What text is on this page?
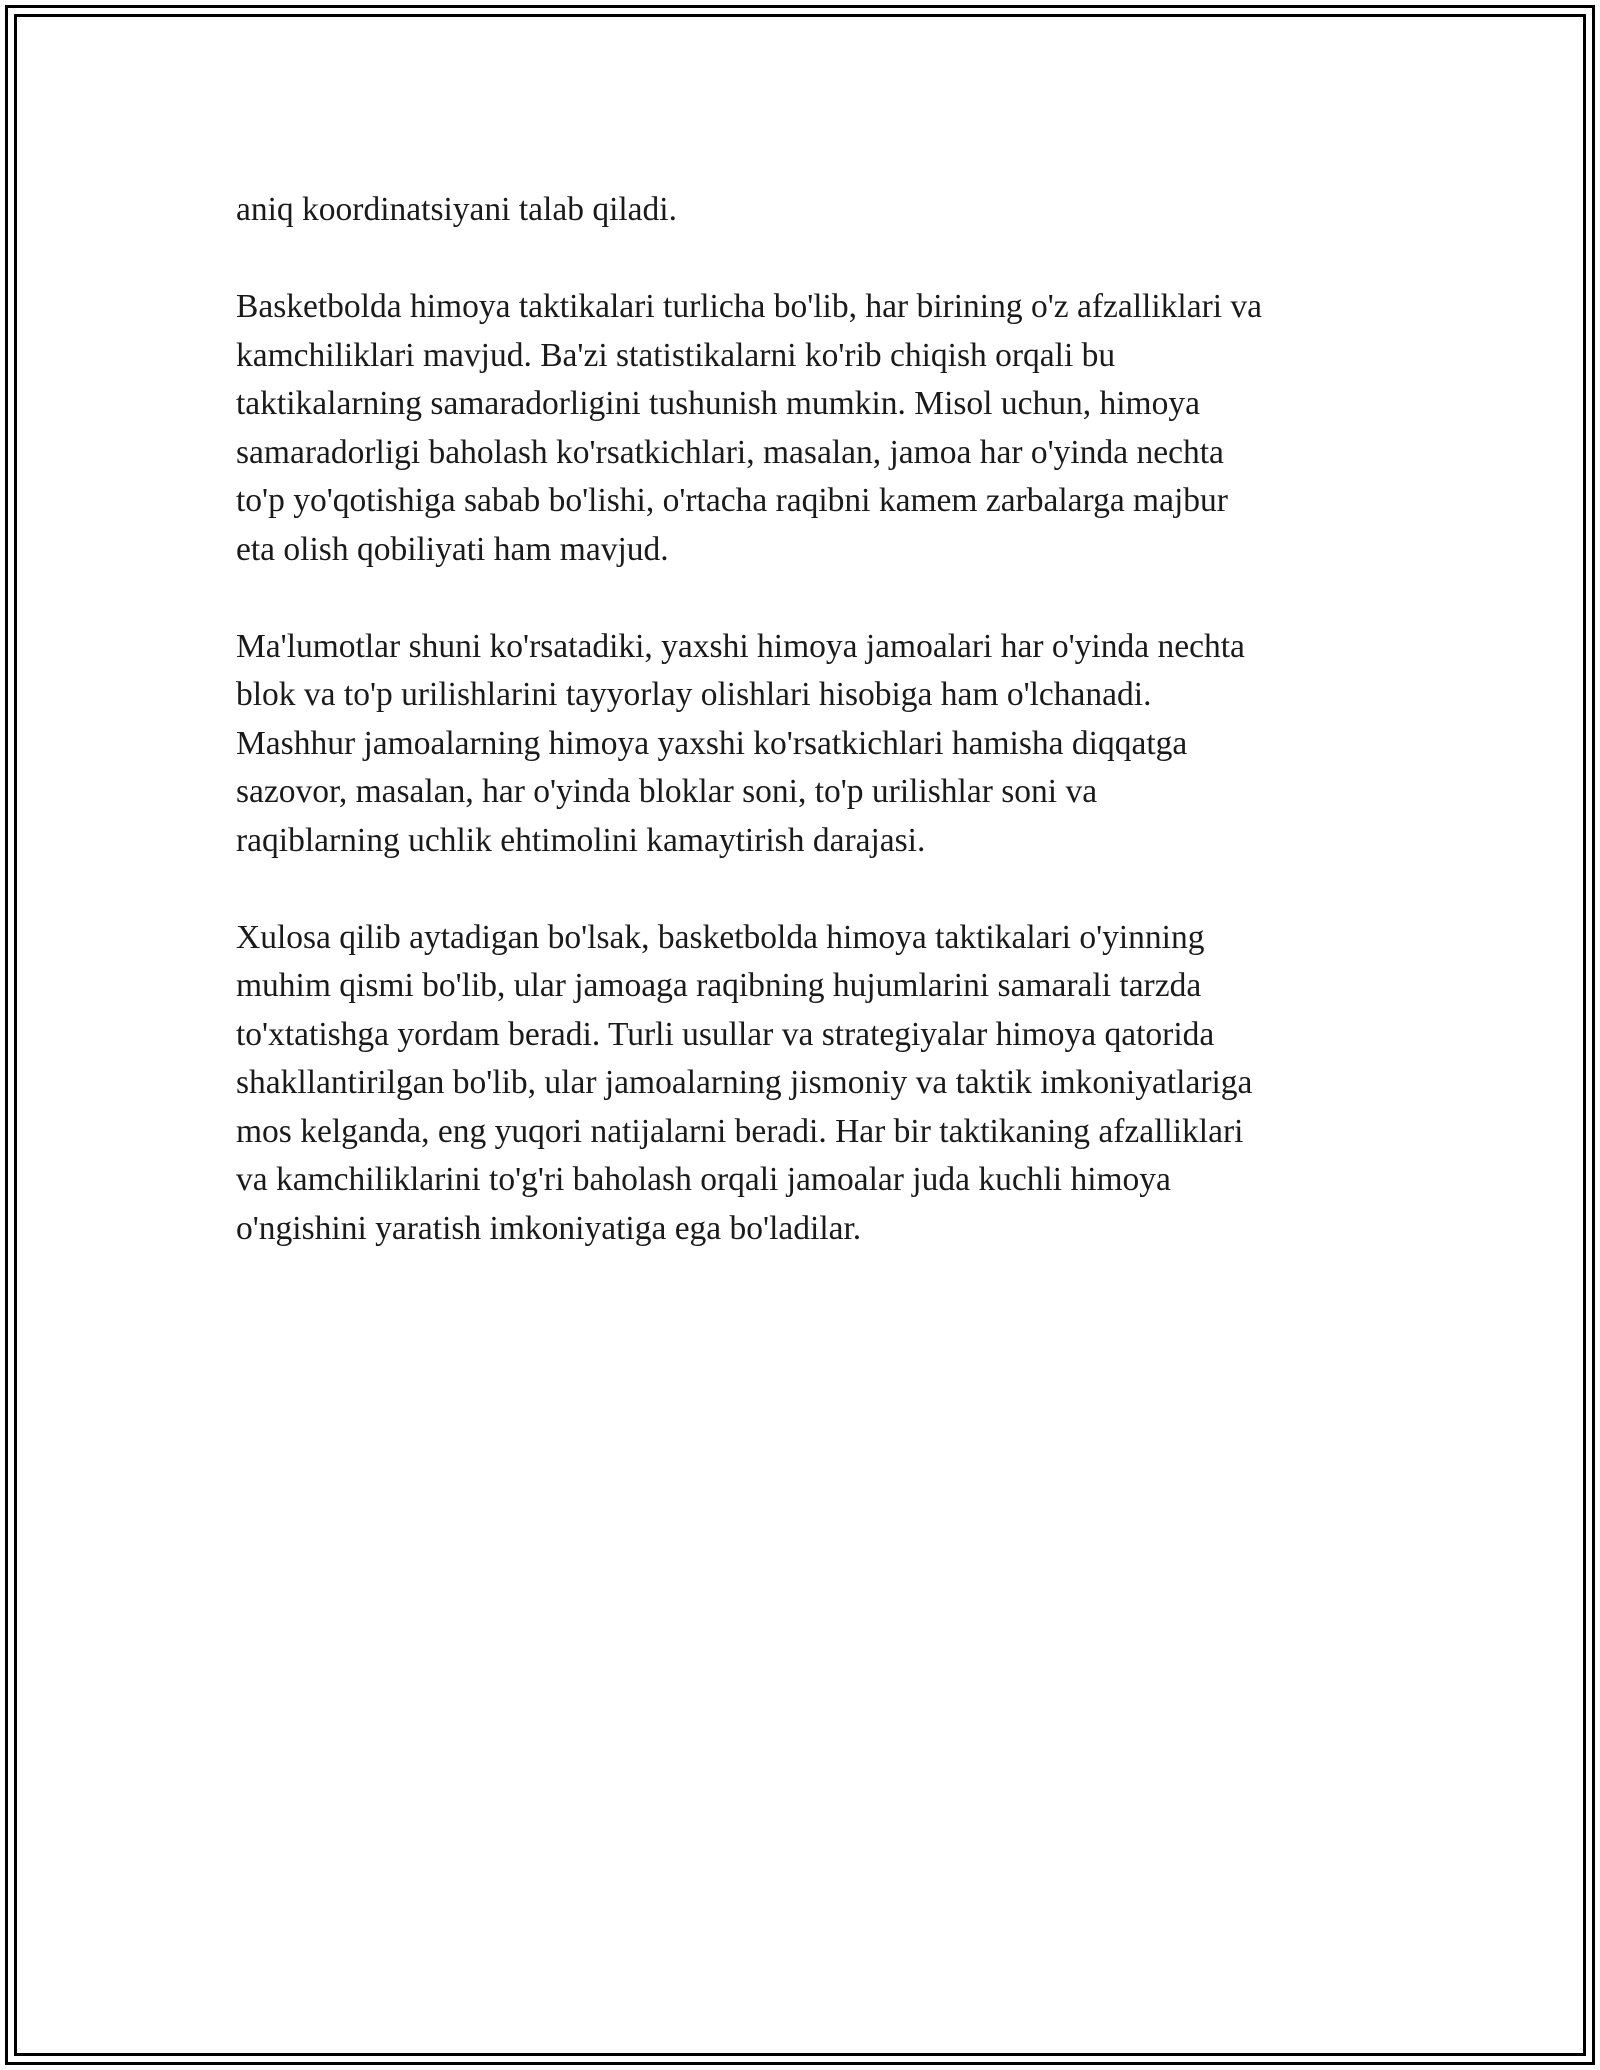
aniq koordinatsiyani talab qiladi.

Basketbolda himoya taktikalari turlicha bo'lib, har birining o'z afzalliklari va
kamchiliklari mavjud. Ba'zi statistikalarni ko'rib chiqish orqali bu
taktikalarning samaradorligini tushunish mumkin. Misol uchun, himoya
samaradorligi baholash ko'rsatkichlari, masalan, jamoa har o'yinda nechta
to'p yo'qotishiga sabab bo'lishi, o'rtacha raqibni kamem zarbalarga majbur
eta olish qobiliyati ham mavjud.

Ma'lumotlar shuni ko'rsatadiki, yaxshi himoya jamoalari har o'yinda nechta
blok va to'p urilishlarini tayyorlay olishlari hisobiga ham o'lchanadi.
Mashhur jamoalarning himoya yaxshi ko'rsatkichlari hamisha diqqatga
sazovor, masalan, har o'yinda bloklar soni, to'p urilishlar soni va
raqiblarning uchlik ehtimolini kamaytirish darajasi.

Xulosa qilib aytadigan bo'lsak, basketbolda himoya taktikalari o'yinning
muhim qismi bo'lib, ular jamoaga raqibning hujumlarini samarali tarzda
to'xtatishga yordam beradi. Turli usullar va strategiyalar himoya qatorida
shakllantirilgan bo'lib, ular jamoalarning jismoniy va taktik imkoniyatlariga
mos kelganda, eng yuqori natijalarni beradi. Har bir taktikaning afzalliklari
va kamchiliklarini to'g'ri baholash orqali jamoalar juda kuchli himoya
o'ngishini yaratish imkoniyatiga ega bo'ladilar.
